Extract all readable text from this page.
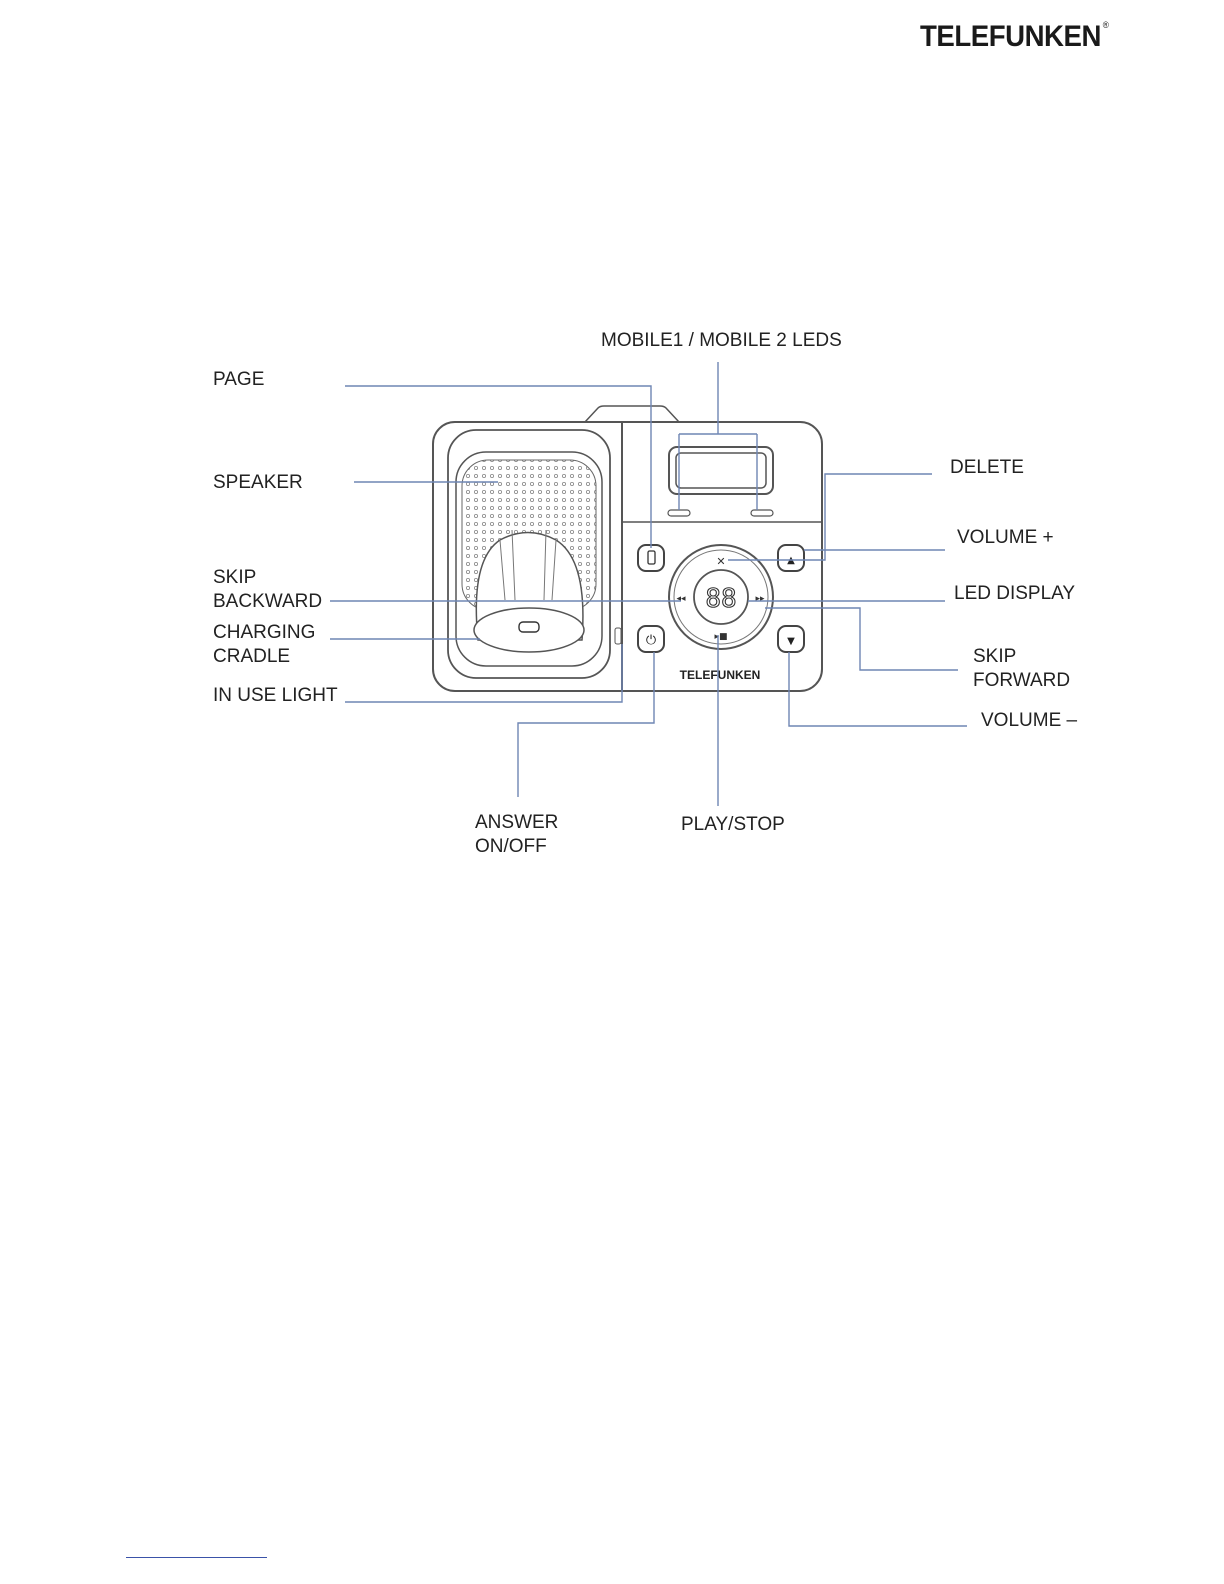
TELEFUNKEN ®
88
✕
◂◂	▸▸
▸■
▲
⏻	▼
TELEFUNKEN
MOBILE1 / MOBILE 2 LEDS
PAGE
SPEAKER
SKIP
BACKWARD
CHARGING
CRADLE
IN USE LIGHT
DELETE
VOLUME +
LED DISPLAY
SKIP
FORWARD
VOLUME –
ANSWER
ON/OFF
PLAY/STOP
